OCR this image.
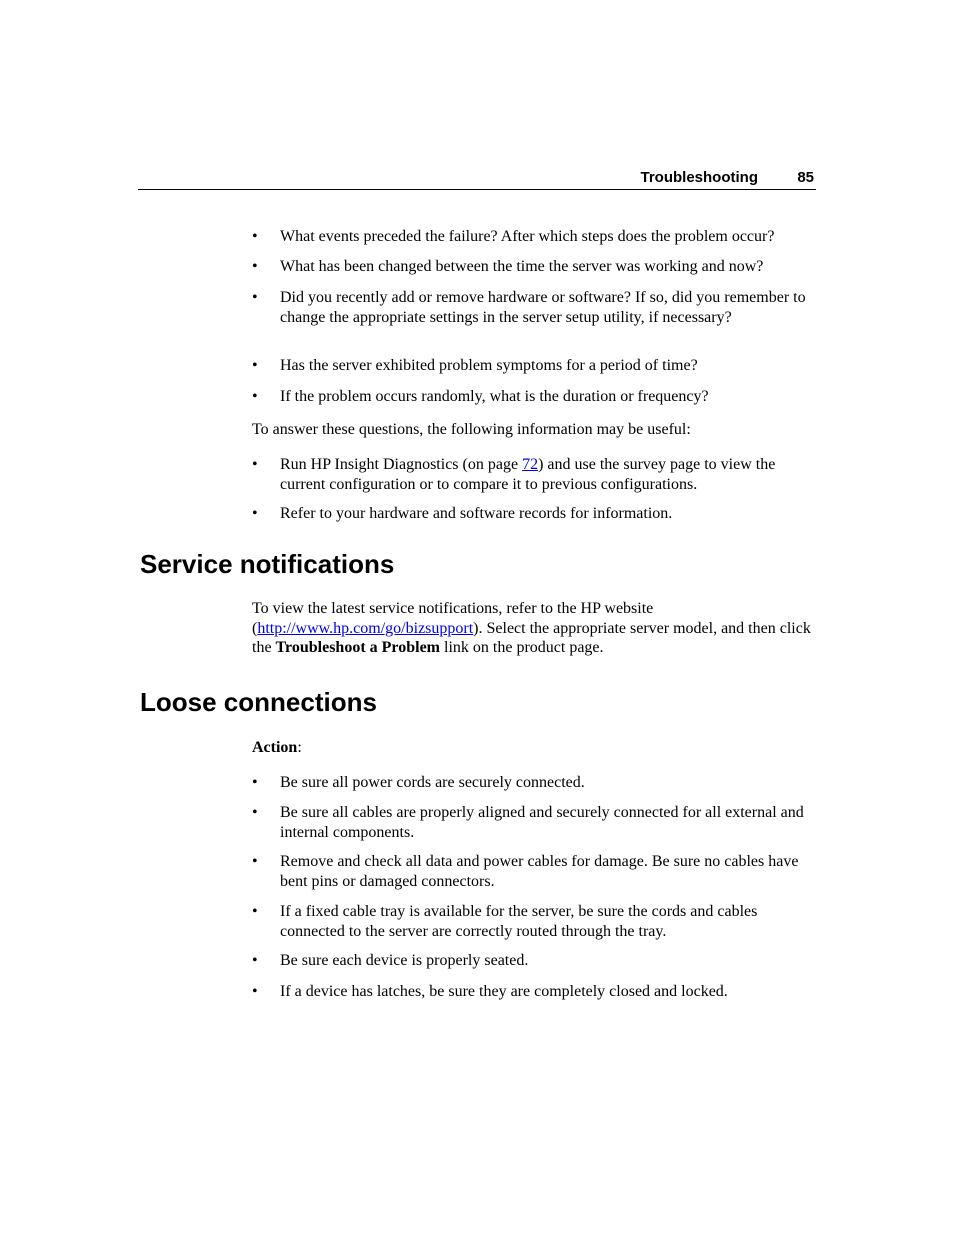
Troubleshooting	85
•	What events preceded the failure? After which steps does the problem occur?
•	What has been changed between the time the server was working and now?
•	Did you recently add or remove hardware or software? If so, did you remember to change the appropriate settings in the server setup utility, if necessary?
•	Has the server exhibited problem symptoms for a period of time?
•	If the problem occurs randomly, what is the duration or frequency?
To answer these questions, the following information may be useful:
•	Run HP Insight Diagnostics (on page 72) and use the survey page to view the current configuration or to compare it to previous configurations.
•	Refer to your hardware and software records for information.
Service notifications
To view the latest service notifications, refer to the HP website (http://www.hp.com/go/bizsupport). Select the appropriate server model, and then click the Troubleshoot a Problem link on the product page.
Loose connections
Action:
•	Be sure all power cords are securely connected.
•	Be sure all cables are properly aligned and securely connected for all external and internal components.
•	Remove and check all data and power cables for damage. Be sure no cables have bent pins or damaged connectors.
•	If a fixed cable tray is available for the server, be sure the cords and cables connected to the server are correctly routed through the tray.
•	Be sure each device is properly seated.
•	If a device has latches, be sure they are completely closed and locked.
